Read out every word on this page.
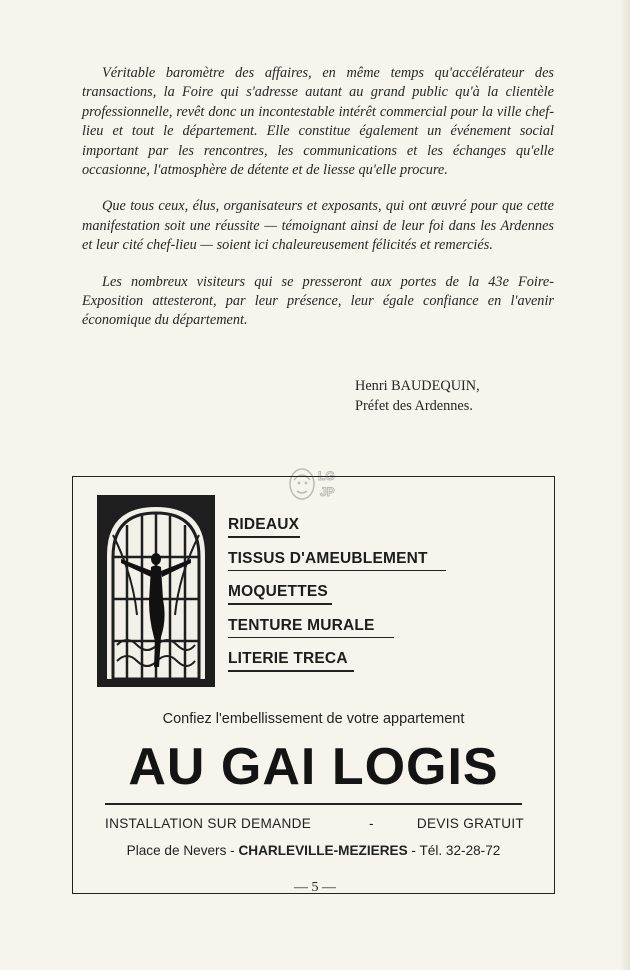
Véritable baromètre des affaires, en même temps qu'accélérateur des transactions, la Foire qui s'adresse autant au grand public qu'à la clientèle professionnelle, revêt donc un incontestable intérêt commercial pour la ville chef-lieu et tout le département. Elle constitue également un événement social important par les rencontres, les communications et les échanges qu'elle occasionne, l'atmosphère de détente et de liesse qu'elle procure.

Que tous ceux, élus, organisateurs et exposants, qui ont œuvré pour que cette manifestation soit une réussite — témoignant ainsi de leur foi dans les Ardennes et leur cité chef-lieu — soient ici chaleureusement félicités et remerciés.

Les nombreux visiteurs qui se presseront aux portes de la 43e Foire-Exposition attesteront, par leur présence, leur égale confiance en l'avenir économique du département.

Henri BAUDEQUIN,
Préfet des Ardennes.
LG
JP
RIDEAUX
TISSUS D'AMEUBLEMENT
MOQUETTES
TENTURE MURALE
LITERIE TRECA
Confiez l'embellissement de votre appartement
AU GAI LOGIS
INSTALLATION SUR DEMANDE	-	DEVIS GRATUIT
Place de Nevers - CHARLEVILLE-MEZIERES - Tél. 32-28-72
— 5 —
